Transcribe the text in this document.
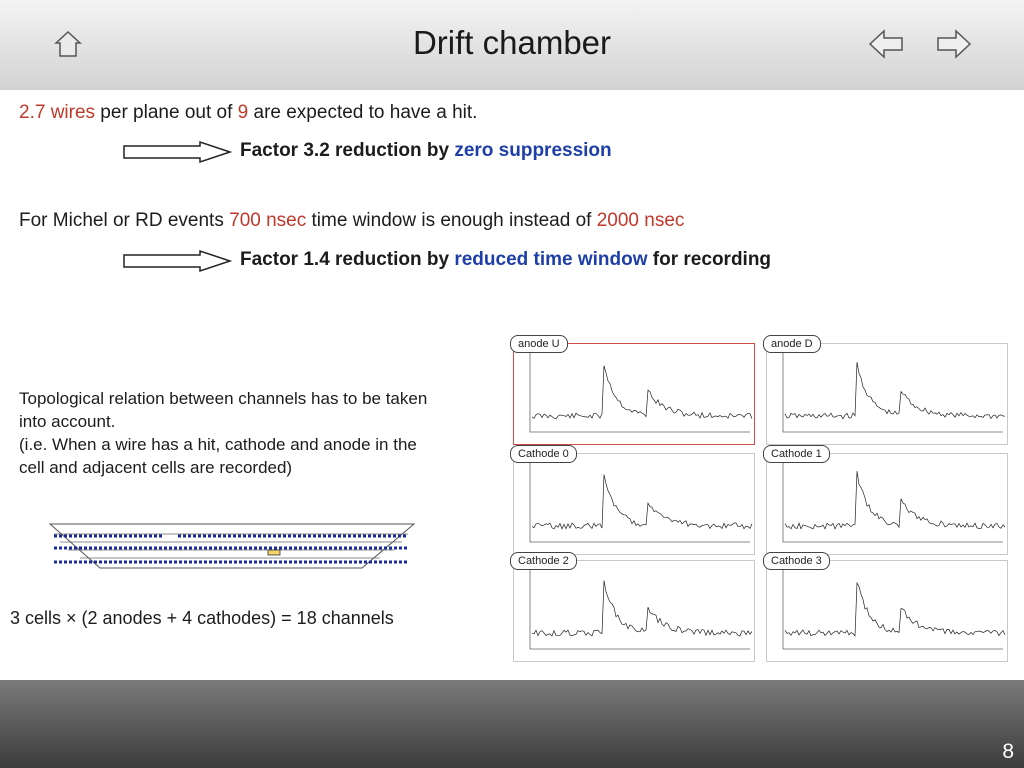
Drift chamber
2.7 wires per plane out of 9 are expected to have a hit.
Factor 3.2 reduction by zero suppression
For Michel or RD events 700 nsec time window is enough instead of 2000 nsec
Factor 1.4 reduction by reduced time window for recording
Topological relation between channels has to be taken
into account.
(i.e. When a wire has a hit, cathode and anode in the
cell and adjacent cells are recorded)
3 cells × (2 anodes + 4 cathodes) = 18 channels
anode U	anode D
Cathode 0	Cathode 1
Cathode 2	Cathode 3
8
